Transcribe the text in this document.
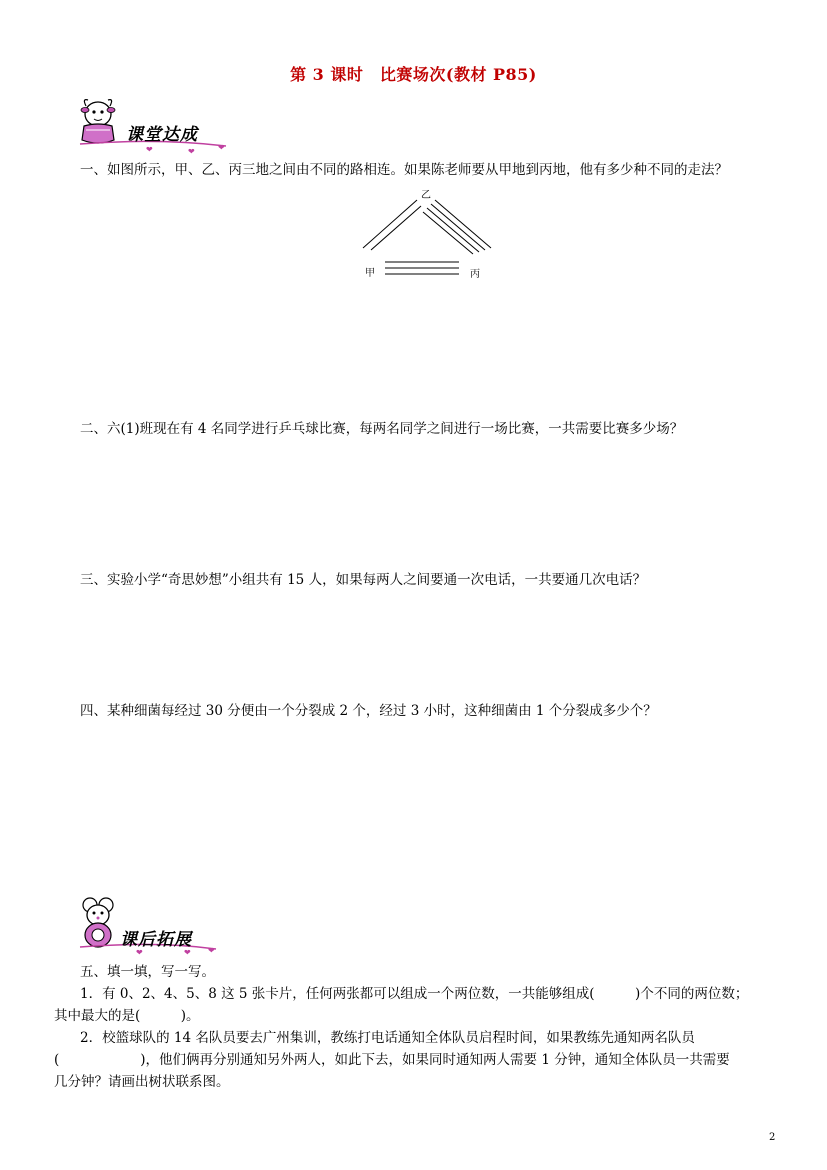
第 3 课时　比赛场次(教材 P85)
❤	❤	❤
课堂达成
一、如图所示，甲、乙、丙三地之间由不同的路相连。如果陈老师要从甲地到丙地，他有多少种不同的走法？
乙
甲	丙
二、六(1)班现在有 4 名同学进行乒乓球比赛，每两名同学之间进行一场比赛，一共需要比赛多少场？
三、实验小学“奇思妙想”小组共有 15 人，如果每两人之间要通一次电话，一共要通几次电话？
四、某种细菌每经过 30 分便由一个分裂成 2 个，经过 3 小时，这种细菌由 1 个分裂成多少个？
❤	❤ ❤
课后拓展
五、填一填，写一写。
1．有 0、2、4、5、8 这 5 张卡片，任何两张都可以组成一个两位数，一共能够组成(　　　)个不同的两位数；
其中最大的是(　　　)。
2．校篮球队的 14 名队员要去广州集训，教练打电话通知全体队员启程时间，如果教练先通知两名队员
(　　　　　　)，他们俩再分别通知另外两人，如此下去，如果同时通知两人需要 1 分钟，通知全体队员一共需要
几分钟？请画出树状联系图。
2
